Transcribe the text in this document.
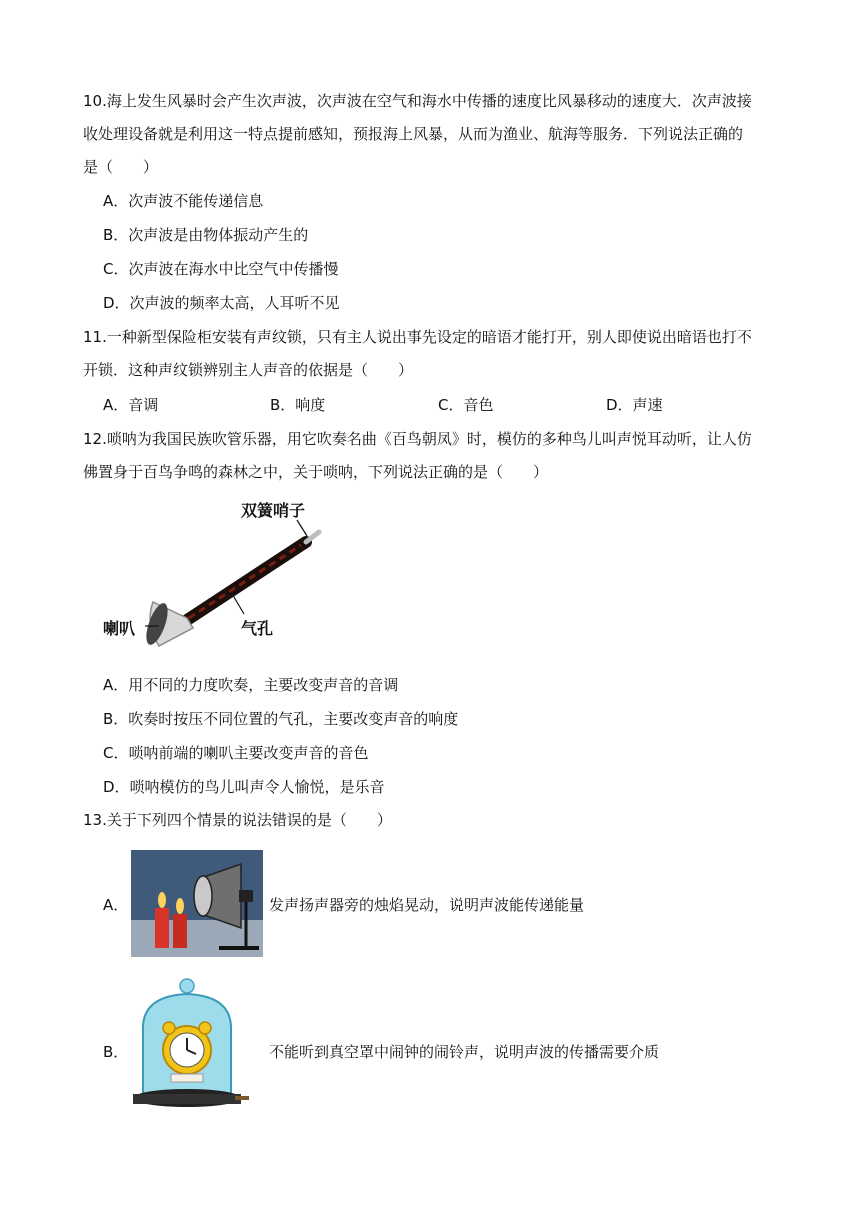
10.海上发生风暴时会产生次声波，次声波在空气和海水中传播的速度比风暴移动的速度大．次声波接
收处理设备就是利用这一特点提前感知，预报海上风暴，从而为渔业、航海等服务．下列说法正确的
是（　　）
A．次声波不能传递信息
B．次声波是由物体振动产生的
C．次声波在海水中比空气中传播慢
D．次声波的频率太高，人耳听不见
11.一种新型保险柜安装有声纹锁，只有主人说出事先设定的暗语才能打开，别人即使说出暗语也打不
开锁．这种声纹锁辨别主人声音的依据是（　　）
A．音调	B．响度	C．音色	D．声速
12.唢呐为我国民族吹管乐器，用它吹奏名曲《百鸟朝凤》时，模仿的多种鸟儿叫声悦耳动听，让人仿
佛置身于百鸟争鸣的森林之中，关于唢呐，下列说法正确的是（　　）
双簧哨子
喇叭	气孔
A．用不同的力度吹奏，主要改变声音的音调
B．吹奏时按压不同位置的气孔，主要改变声音的响度
C．唢呐前端的喇叭主要改变声音的音色
D．唢呐模仿的鸟儿叫声令人愉悦，是乐音
13.关于下列四个情景的说法错误的是（　　）
A．	发声扬声器旁的烛焰晃动，说明声波能传递能量
B．	不能听到真空罩中闹钟的闹铃声，说明声波的传播需要介质
